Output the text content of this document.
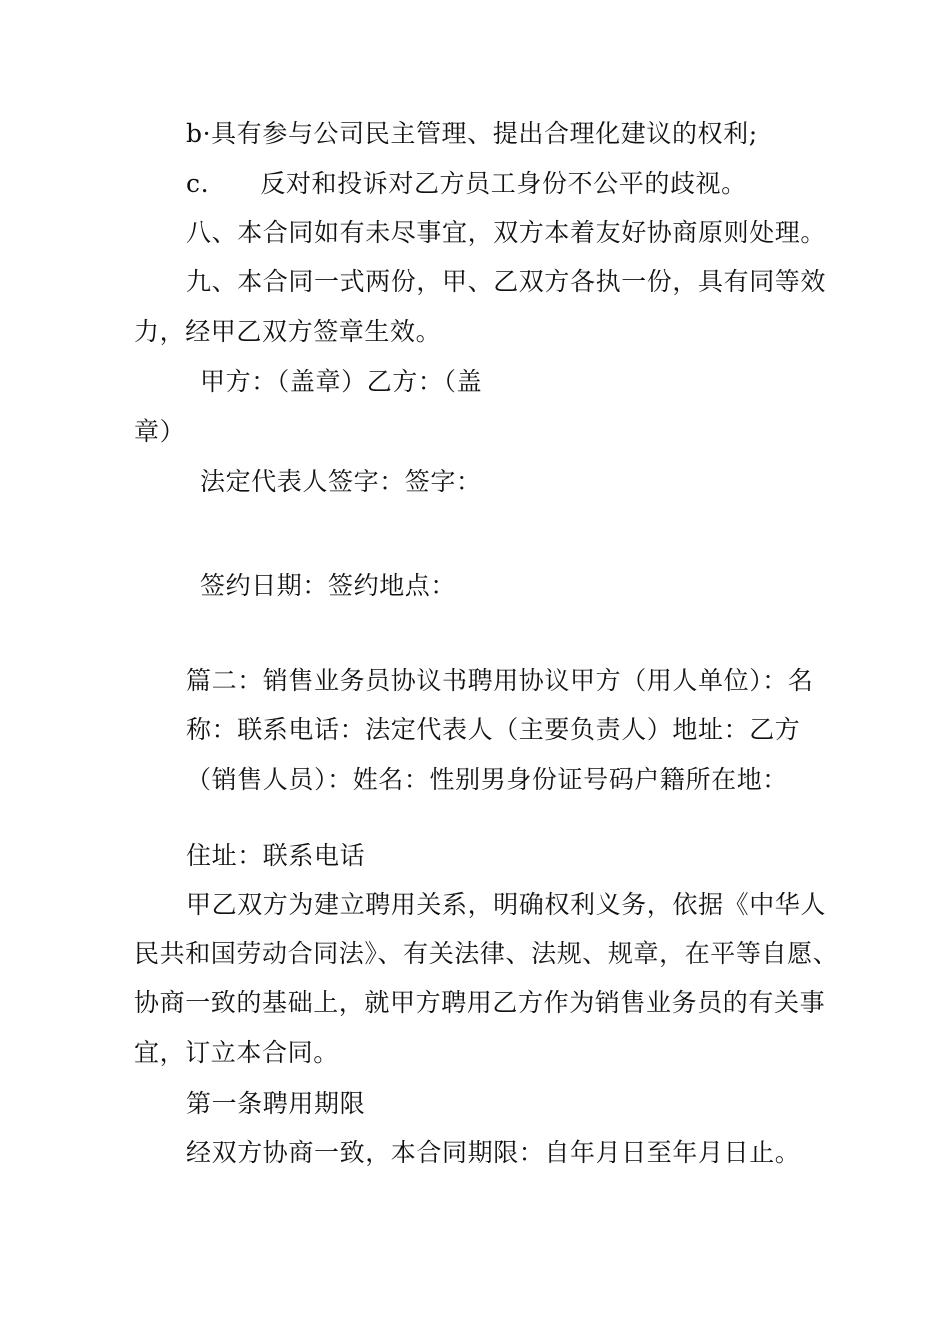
b·具有参与公司民主管理、提出合理化建议的权利;
c.　　反对和投诉对乙方员工身份不公平的歧视。
八、本合同如有未尽事宜，双方本着友好协商原则处理。
九、本合同一式两份，甲、乙双方各执一份，具有同等效
力，经甲乙双方签章生效。
甲方：（盖章）乙方：（盖
章）
法定代表人签字：签字：
签约日期：签约地点：
篇二：销售业务员协议书聘用协议甲方（用人单位）：名
称：联系电话：法定代表人（主要负责人）地址：乙方
（销售人员）：姓名：性别男身份证号码户籍所在地：
住址：联系电话
甲乙双方为建立聘用关系，明确权利义务，依据《中华人
民共和国劳动合同法》、有关法律、法规、规章，在平等自愿、
协商一致的基础上，就甲方聘用乙方作为销售业务员的有关事
宜，订立本合同。
第一条聘用期限
经双方协商一致，本合同期限：自年月日至年月日止。
